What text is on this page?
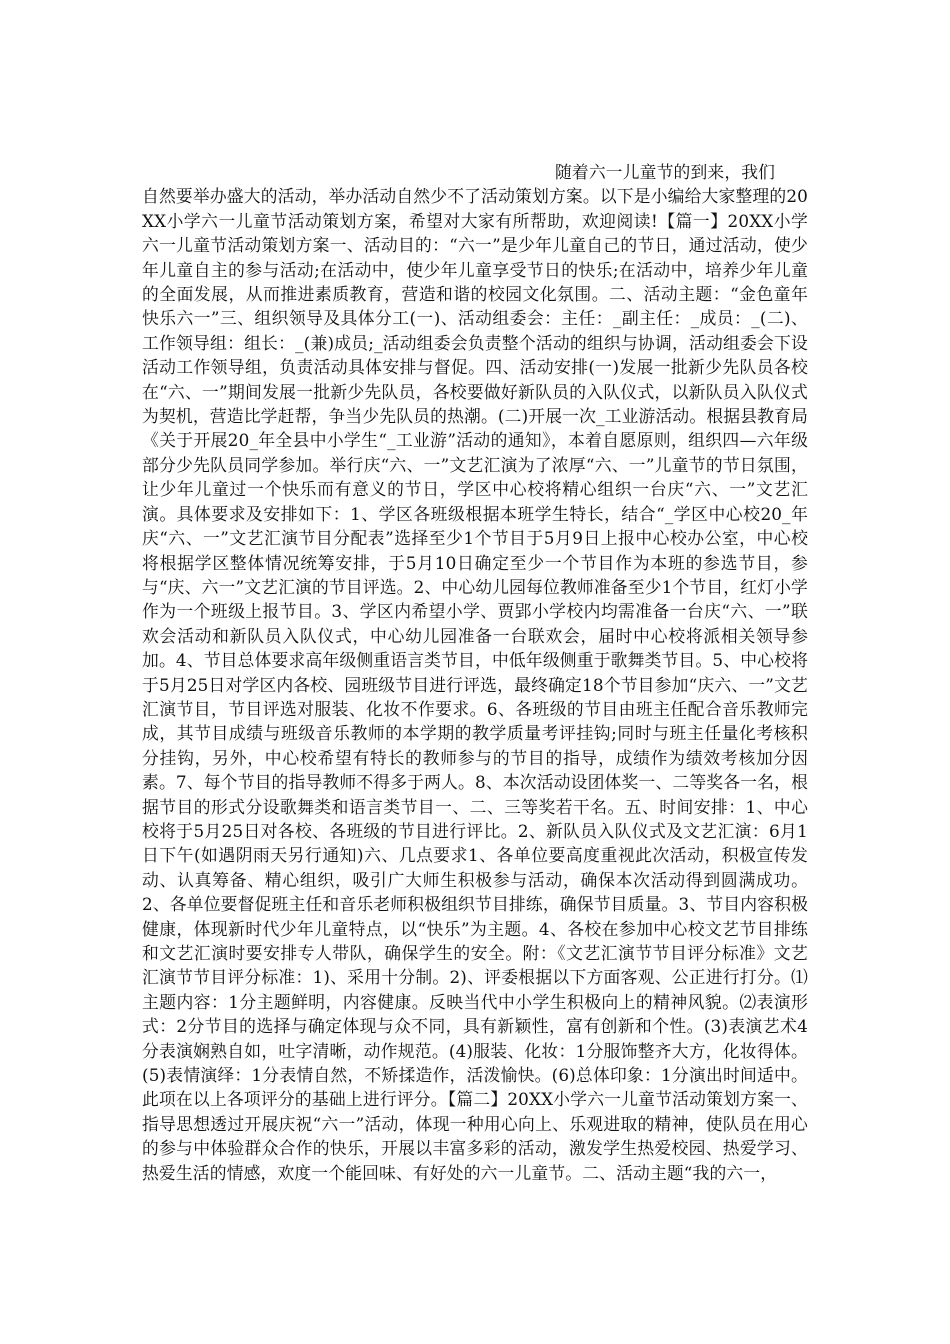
随着六一儿童节的到来，我们
自然要举办盛大的活动，举办活动自然少不了活动策划方案。以下是小编给大家整理的20XX小学六一儿童节活动策划方案，希望对大家有所帮助，欢迎阅读!【篇一】20XX小学六一儿童节活动策划方案一、活动目的：“六一”是少年儿童自己的节日，通过活动，使少年儿童自主的参与活动;在活动中，使少年儿童享受节日的快乐;在活动中，培养少年儿童的全面发展，从而推进素质教育，营造和谐的校园文化氛围。二、活动主题：“金色童年快乐六一”三、组织领导及具体分工(一)、活动组委会：主任：_副主任：_成员：_(二)、工作领导组：组长：_(兼)成员;_活动组委会负责整个活动的组织与协调，活动组委会下设活动工作领导组，负责活动具体安排与督促。四、活动安排(一)发展一批新少先队员各校在“六、一”期间发展一批新少先队员，各校要做好新队员的入队仪式，以新队员入队仪式为契机，营造比学赶帮，争当少先队员的热潮。(二)开展一次_工业游活动。根据县教育局《关于开展20_年全县中小学生“_工业游”活动的通知》，本着自愿原则，组织四—六年级部分少先队员同学参加。举行庆“六、一”文艺汇演为了浓厚“六、一”儿童节的节日氛围，让少年儿童过一个快乐而有意义的节日，学区中心校将精心组织一台庆“六、一”文艺汇演。具体要求及安排如下：1、学区各班级根据本班学生特长，结合“_学区中心校20_年庆“六、一”文艺汇演节目分配表”选择至少1个节目于5月9日上报中心校办公室，中心校将根据学区整体情况统筹安排，于5月10日确定至少一个节目作为本班的参选节目，参与“庆、六一”文艺汇演的节目评选。2、中心幼儿园每位教师准备至少1个节目，红灯小学作为一个班级上报节目。3、学区内希望小学、贾郢小学校内均需准备一台庆“六、一”联欢会活动和新队员入队仪式，中心幼儿园准备一台联欢会，届时中心校将派相关领导参加。4、节目总体要求高年级侧重语言类节目，中低年级侧重于歌舞类节目。5、中心校将于5月25日对学区内各校、园班级节目进行评选，最终确定18个节目参加“庆六、一”文艺汇演节目，节目评选对服装、化妆不作要求。6、各班级的节目由班主任配合音乐教师完成，其节目成绩与班级音乐教师的本学期的教学质量考评挂钩;同时与班主任量化考核积分挂钩，另外，中心校希望有特长的教师参与的节目的指导，成绩作为绩效考核加分因素。7、每个节目的指导教师不得多于两人。8、本次活动设团体奖一、二等奖各一名，根据节目的形式分设歌舞类和语言类节目一、二、三等奖若干名。五、时间安排：1、中心校将于5月25日对各校、各班级的节目进行评比。2、新队员入队仪式及文艺汇演：6月1日下午(如遇阴雨天另行通知)六、几点要求1、各单位要高度重视此次活动，积极宣传发动、认真筹备、精心组织，吸引广大师生积极参与活动，确保本次活动得到圆满成功。2、各单位要督促班主任和音乐老师积极组织节目排练，确保节目质量。3、节目内容积极健康，体现新时代少年儿童特点，以“快乐”为主题。4、各校在参加中心校文艺节目排练和文艺汇演时要安排专人带队，确保学生的安全。附：《文艺汇演节节目评分标准》文艺汇演节节目评分标准：1)、采用十分制。2)、评委根据以下方面客观、公正进行打分。⑴主题内容：1分主题鲜明，内容健康。反映当代中小学生积极向上的精神风貌。⑵表演形式：2分节目的选择与确定体现与众不同，具有新颖性，富有创新和个性。(3)表演艺术4分表演娴熟自如，吐字清晰，动作规范。(4)服装、化妆：1分服饰整齐大方，化妆得体。(5)表情演绎：1分表情自然，不矫揉造作，活泼愉快。(6)总体印象：1分演出时间适中。此项在以上各项评分的基础上进行评分。【篇二】20XX小学六一儿童节活动策划方案一、指导思想透过开展庆祝“六一”活动，体现一种用心向上、乐观进取的精神，使队员在用心的参与中体验群众合作的快乐，开展以丰富多彩的活动，激发学生热爱校园、热爱学习、热爱生活的情感，欢度一个能回味、有好处的六一儿童节。二、活动主题“我的六一，
